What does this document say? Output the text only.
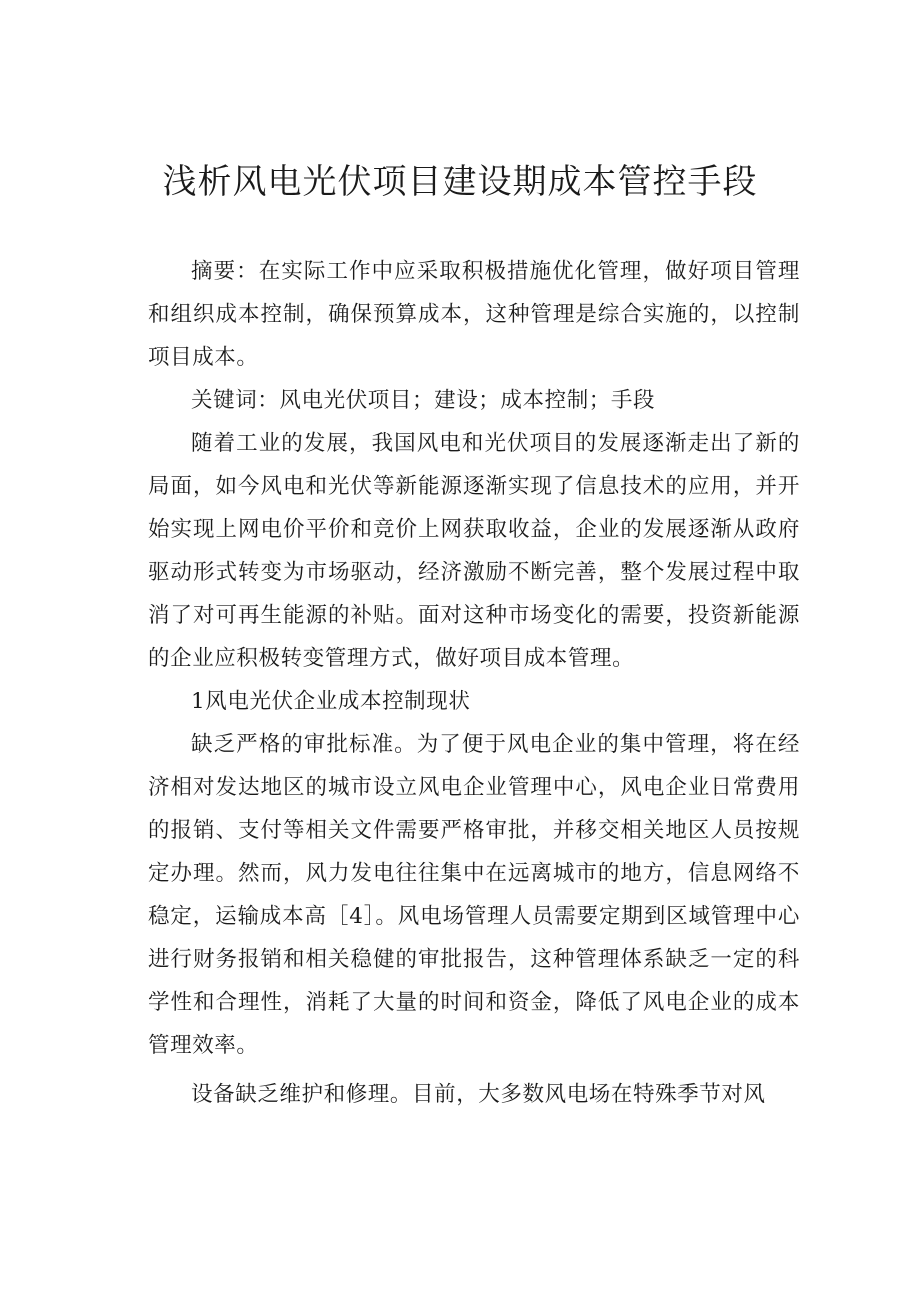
浅析风电光伏项目建设期成本管控手段

摘要：在实际工作中应采取积极措施优化管理，做好项目管理和组织成本控制，确保预算成本，这种管理是综合实施的，以控制项目成本。

关键词：风电光伏项目；建设；成本控制；手段

随着工业的发展，我国风电和光伏项目的发展逐渐走出了新的局面，如今风电和光伏等新能源逐渐实现了信息技术的应用，并开始实现上网电价平价和竞价上网获取收益，企业的发展逐渐从政府驱动形式转变为市场驱动，经济激励不断完善，整个发展过程中取消了对可再生能源的补贴。面对这种市场变化的需要，投资新能源的企业应积极转变管理方式，做好项目成本管理。

1风电光伏企业成本控制现状

缺乏严格的审批标准。为了便于风电企业的集中管理，将在经济相对发达地区的城市设立风电企业管理中心，风电企业日常费用的报销、支付等相关文件需要严格审批，并移交相关地区人员按规定办理。然而，风力发电往往集中在远离城市的地方，信息网络不稳定，运输成本高［4］。风电场管理人员需要定期到区域管理中心进行财务报销和相关稳健的审批报告，这种管理体系缺乏一定的科学性和合理性，消耗了大量的时间和资金，降低了风电企业的成本管理效率。

设备缺乏维护和修理。目前，大多数风电场在特殊季节对风
